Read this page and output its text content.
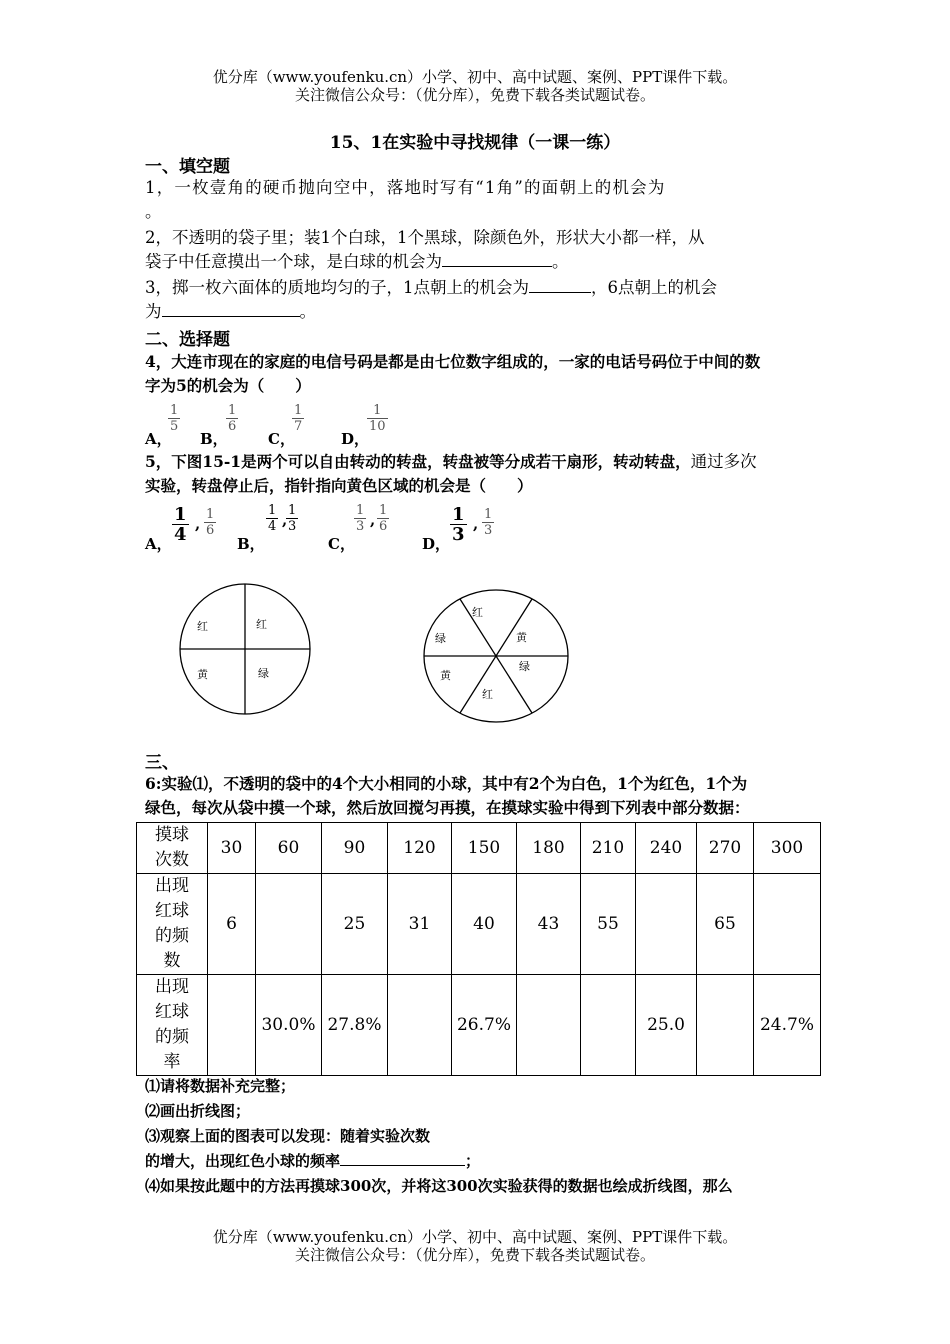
优分库（www.youfenku.cn）小学、初中、高中试题、案例、PPT课件下载。
关注微信公众号：（优分库），免费下载各类试题试卷。
15、1在实验中寻找规律（一课一练）
一、填空题
1，一枚壹角的硬币抛向空中，落地时写有“1角”的面朝上的机会为
。
2，不透明的袋子里；装1个白球，1个黑球，除颜色外，形状大小都一样，从
袋子中任意摸出一个球，是白球的机会为	。
3，掷一枚六面体的质地均匀的子，1点朝上的机会为	，6点朝上的机会
为	。
二、选择题
4，大连市现在的家庭的电信号码是都是由七位数字组成的，一家的电话号码位于中间的数
字为5的机会为（　　）
A，
$\frac{1}{5}$
B，
$\frac{1}{6}$
C，
$\frac{1}{7}$
D，
$\frac{1}{10}$
5，下图15-1是两个可以自由转动的转盘，转盘被等分成若干扇形，转动转盘，通过多次
实验，转盘停止后，指针指向黄色区域的机会是（　　）
A， $\frac{1}{4}$ , $\frac{1}{6}$
B，
$\frac{1}{4}$ ,
$\frac{1}{3}$
C，
$\frac{1}{3}$ , $\frac{1}{6}$
D， $\frac{1}{3}$ , $\frac{1}{3}$
红	红
黄	绿
红
黄
绿
红
黄
绿
三、
6:实验⑴，不透明的袋中的4个大小相同的小球，其中有2个为白色，1个为红色，1个为
绿色，每次从袋中摸一个球，然后放回搅匀再摸，在摸球实验中得到下列表中部分数据：
摸球
次数	30	60	90	120	150	180	210	240	270	300
出现
红球
的频
数	6		25	31	40	43	55		65	
出现
红球
的频
率		30.0%	27.8%		26.7%			25.0		24.7%
⑴请将数据补充完整；
⑵画出折线图；
⑶观察上面的图表可以发现：随着实验次数
的增大，出现红色小球的频率	；
⑷如果按此题中的方法再摸球300次，并将这300次实验获得的数据也绘成折线图，那么
优分库（www.youfenku.cn）小学、初中、高中试题、案例、PPT课件下载。
关注微信公众号：（优分库），免费下载各类试题试卷。
